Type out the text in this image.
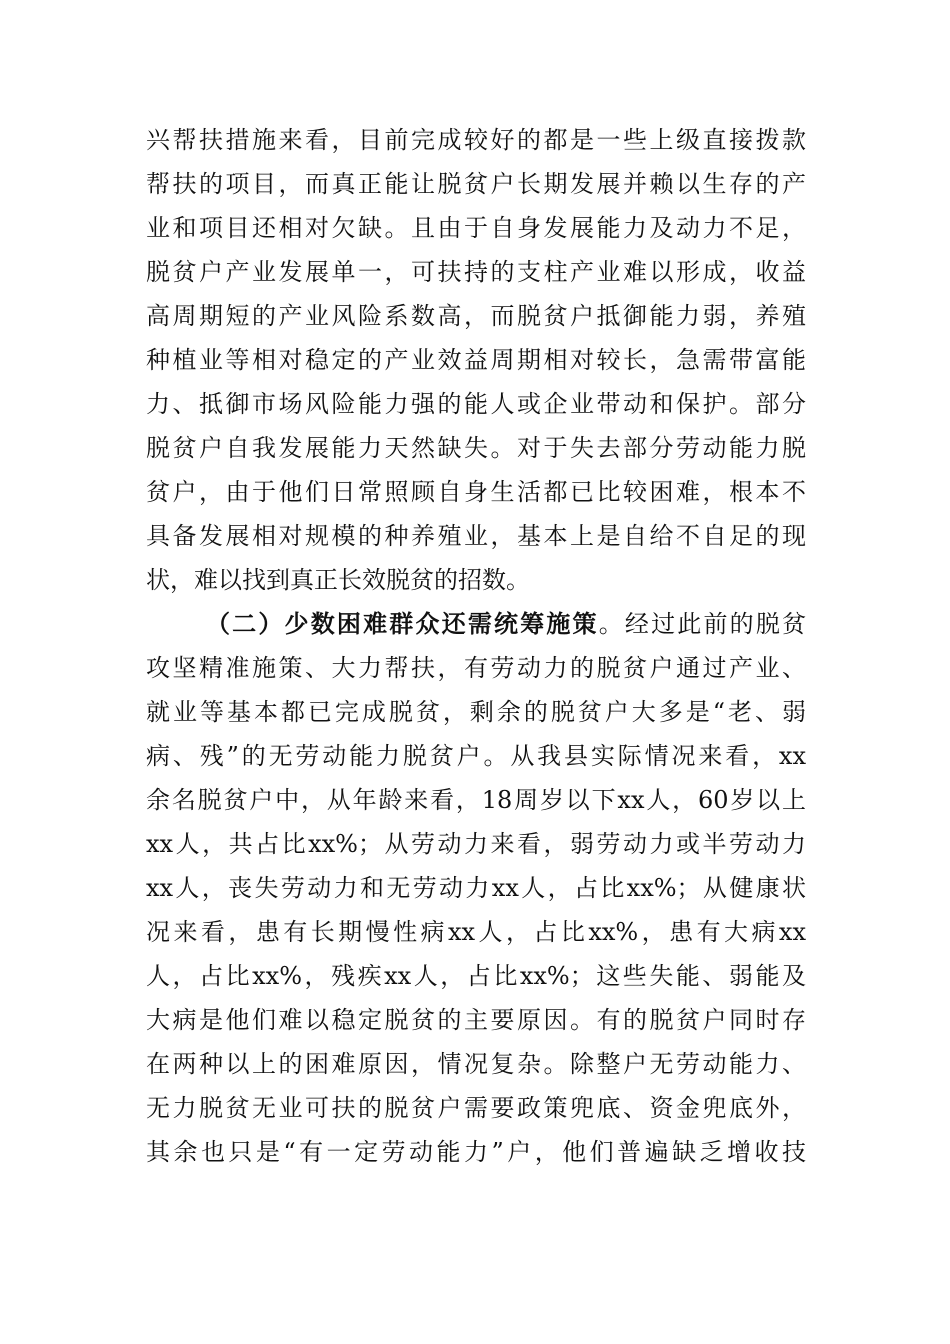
兴帮扶措施来看，目前完成较好的都是一些上级直接拨款
帮扶的项目，而真正能让脱贫户长期发展并赖以生存的产
业和项目还相对欠缺。且由于自身发展能力及动力不足，
脱贫户产业发展单一，可扶持的支柱产业难以形成，收益
高周期短的产业风险系数高，而脱贫户抵御能力弱，养殖
种植业等相对稳定的产业效益周期相对较长，急需带富能
力、抵御市场风险能力强的能人或企业带动和保护。部分
脱贫户自我发展能力天然缺失。对于失去部分劳动能力脱
贫户，由于他们日常照顾自身生活都已比较困难，根本不
具备发展相对规模的种养殖业，基本上是自给不自足的现
状，难以找到真正长效脱贫的招数。
（二）少数困难群众还需统筹施策。经过此前的脱贫
攻坚精准施策、大力帮扶，有劳动力的脱贫户通过产业、
就业等基本都已完成脱贫，剩余的脱贫户大多是“老、弱
病、残”的无劳动能力脱贫户。从我县实际情况来看，xx
余名脱贫户中，从年龄来看，18周岁以下xx人，60岁以上
xx人，共占比xx%；从劳动力来看，弱劳动力或半劳动力
xx人，丧失劳动力和无劳动力xx人，占比xx%；从健康状
况来看，患有长期慢性病xx人，占比xx%，患有大病xx
人，占比xx%，残疾xx人，占比xx%；这些失能、弱能及
大病是他们难以稳定脱贫的主要原因。有的脱贫户同时存
在两种以上的困难原因，情况复杂。除整户无劳动能力、
无力脱贫无业可扶的脱贫户需要政策兜底、资金兜底外，
其余也只是“有一定劳动能力”户，他们普遍缺乏增收技
